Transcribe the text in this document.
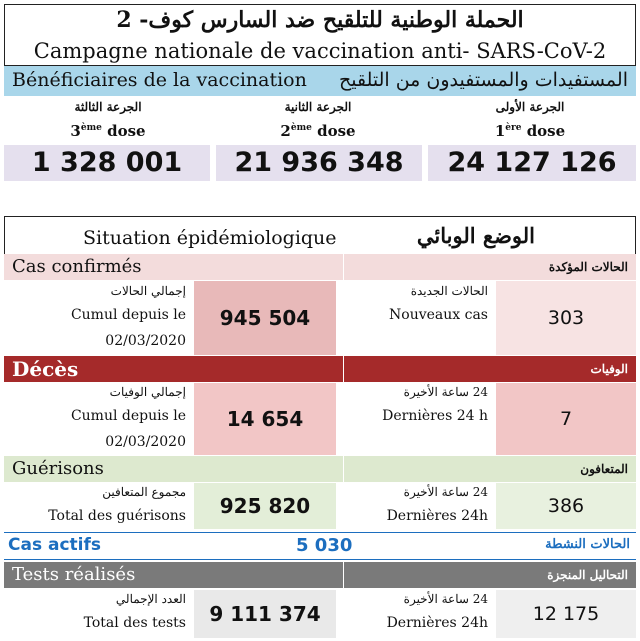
الحملة الوطنية للتلقيح ضد السارس كوف- 2
Campagne nationale de vaccination anti- SARS-CoV-2
Bénéficiaires de la vaccination المستفيدات والمستفيدون من التلقيح
الجرعة الثالثة
3ème dose
1 328 001
الجرعة الثانية
2ème dose
21 936 348
الجرعة الأولى
1ère dose
24 127 126
Situation épidémiologique	الوضع الوبائي
Cas confirmés	الحالات المؤكدة
إجمالي الحالات
Cumul depuis le
02/03/2020
945 504
الحالات الجديدة
Nouveaux cas	303
Décès	الوفيات
إجمالي الوفيات
Cumul depuis le
02/03/2020
14 654
24 ساعة الأخيرة
Dernières 24 h	7
Guérisons	المتعافون
مجموع المتعافين
Total des guérisons	925 820
24 ساعة الأخيرة
Dernières 24h	386
Cas actifs	5 030	الحالات النشطة
Tests réalisés	التحاليل المنجزة
العدد الإجمالي
Total des tests	9 111 374
24 ساعة الأخيرة
Dernières 24h	12 175
